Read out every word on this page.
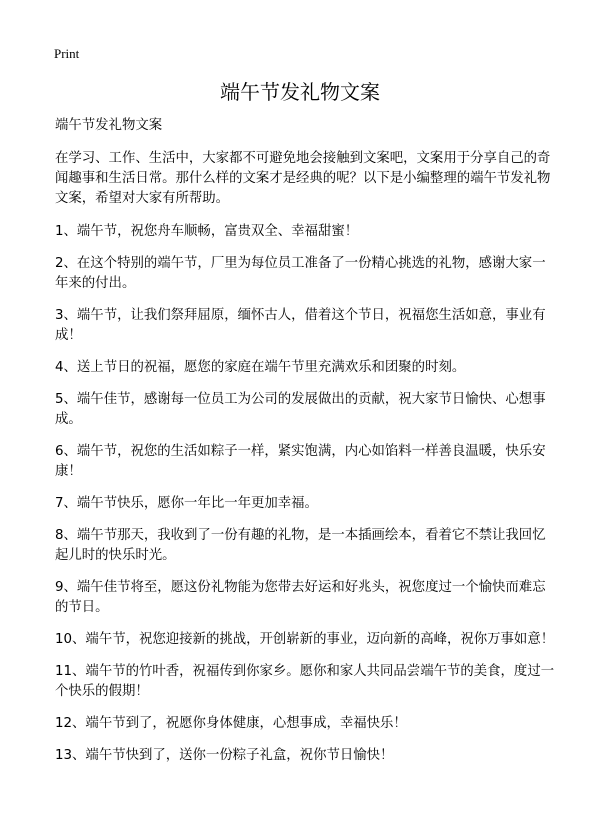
Print
端午节发礼物文案

端午节发礼物文案

在学习、工作、生活中，大家都不可避免地会接触到文案吧，文案用于分享自己的奇闻趣事和生活日常。那什么样的文案才是经典的呢？以下是小编整理的端午节发礼物文案，希望对大家有所帮助。

1、端午节，祝您舟车顺畅，富贵双全、幸福甜蜜！

2、在这个特别的端午节，厂里为每位员工准备了一份精心挑选的礼物，感谢大家一年来的付出。

3、端午节，让我们祭拜屈原，缅怀古人，借着这个节日，祝福您生活如意，事业有成！

4、送上节日的祝福，愿您的家庭在端午节里充满欢乐和团聚的时刻。

5、端午佳节，感谢每一位员工为公司的发展做出的贡献，祝大家节日愉快、心想事成。

6、端午节，祝您的生活如粽子一样，紧实饱满，内心如馅料一样善良温暖，快乐安康！

7、端午节快乐，愿你一年比一年更加幸福。

8、端午节那天，我收到了一份有趣的礼物，是一本插画绘本，看着它不禁让我回忆起儿时的快乐时光。

9、端午佳节将至，愿这份礼物能为您带去好运和好兆头，祝您度过一个愉快而难忘的节日。

10、端午节，祝您迎接新的挑战，开创崭新的事业，迈向新的高峰，祝你万事如意！

11、端午节的竹叶香，祝福传到你家乡。愿你和家人共同品尝端午节的美食，度过一个快乐的假期！

12、端午节到了，祝愿你身体健康，心想事成，幸福快乐！

13、端午节快到了，送你一份粽子礼盒，祝你节日愉快！
